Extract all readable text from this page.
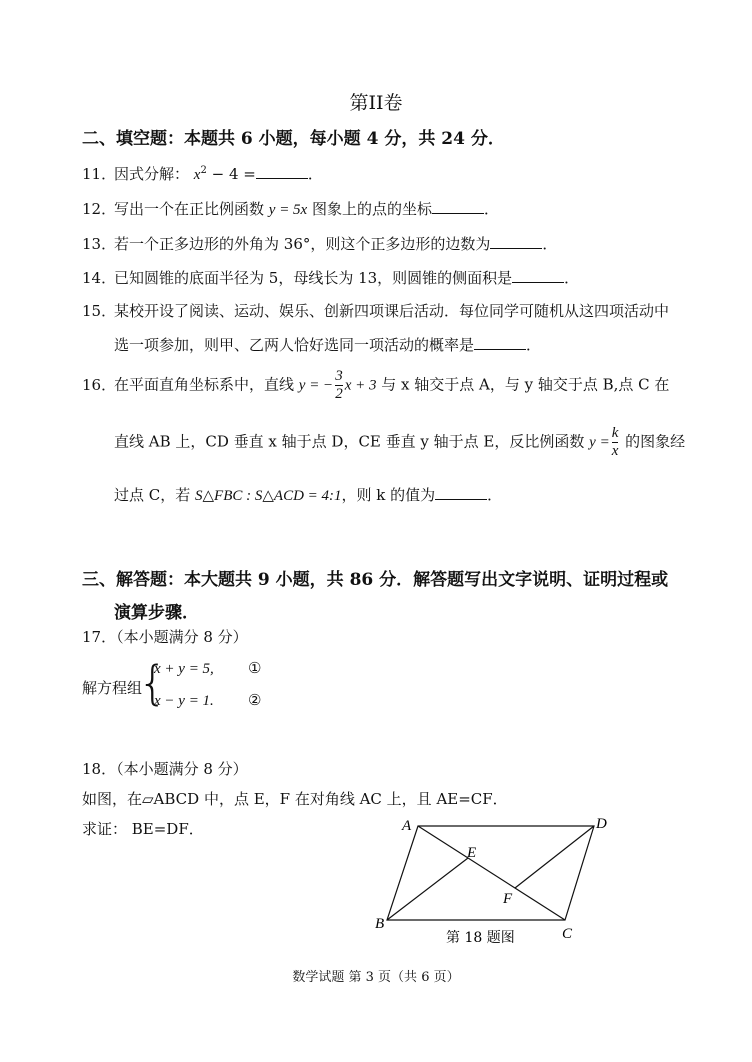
第II卷
二、填空题：本题共 6 小题，每小题 4 分，共 24 分．
11．因式分解： $x^2 - 4$ =	．
12．写出一个在正比例函数 y = 5x 图象上的点的坐标	．
13．若一个正多边形的外角为 36°，则这个正多边形的边数为	．
14．已知圆锥的底面半径为 5，母线长为 13，则圆锥的侧面积是	．
15．某校开设了阅读、运动、娱乐、创新四项课后活动．每位同学可随机从这四项活动中
选一项参加，则甲、乙两人恰好选同一项活动的概率是	．
16．在平面直角坐标系中，直线 y = − $\frac{3}{2}$ x + 3 与 x 轴交于点 A，与 y 轴交于点 B,点 C 在
直线 AB 上，CD 垂直 x 轴于点 D，CE 垂直 y 轴于点 E，反比例函数 $y = \frac{k}{x}$ 的图象经
过点 C，若 S△FBC : S△ACD = 4:1，则 k 的值为	．
三、解答题：本大题共 9 小题，共 86 分．解答题写出文字说明、证明过程或
演算步骤．
17．（本小题满分 8 分）
解方程组
{
x + y = 5, ①
x − y = 1. ②
18．（本小题满分 8 分）
如图，在▱ABCD 中，点 E，F 在对角线 AC 上，且 AE=CF．
求证： BE=DF．	A	D
E
F
B
C
第 18 题图
数学试题 第 3 页（共 6 页）
